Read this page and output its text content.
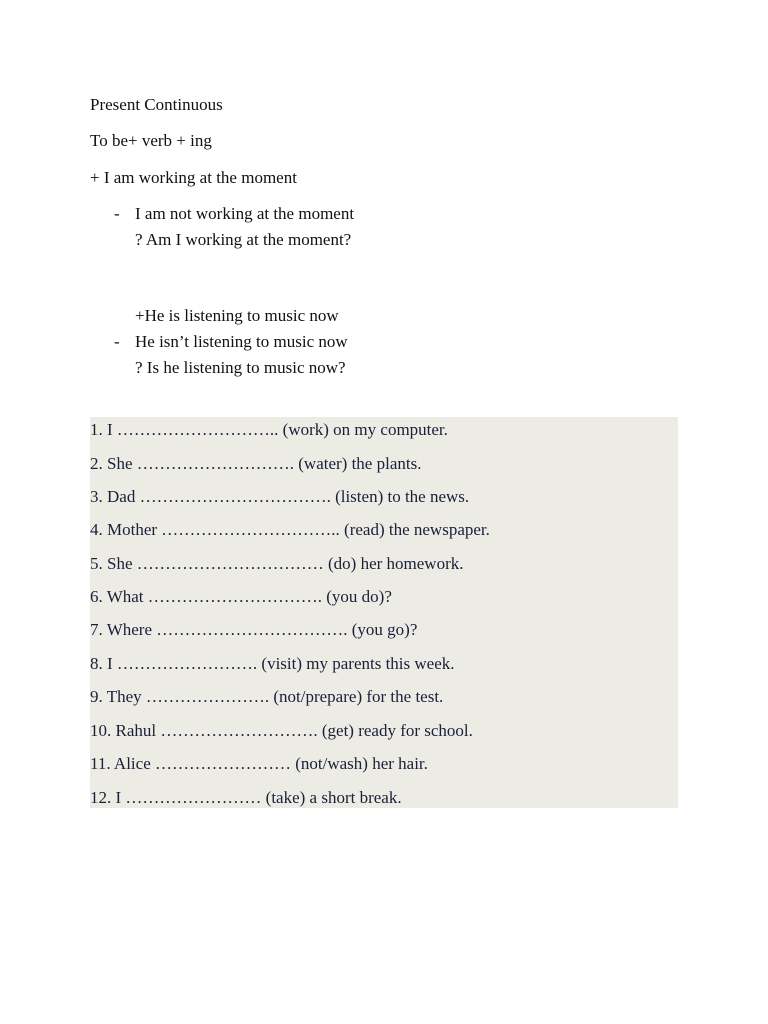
Present Continuous
To be+ verb + ing
+ I am working at the moment
- I am not working at the moment
? Am I working at the moment?
+He is listening to music now
- He isn’t listening to music now
? Is he listening to music now?
1. I ……………………….. (work) on my computer.
2. She ………………………. (water) the plants.
3. Dad ……………………………. (listen) to the news.
4. Mother ………………………….. (read) the newspaper.
5. She …………………………… (do) her homework.
6. What …………………………. (you do)?
7. Where ……………………………. (you go)?
8. I ……………………. (visit) my parents this week.
9. They …………………. (not/prepare) for the test.
10. Rahul ………………………. (get) ready for school.
11. Alice …………………… (not/wash) her hair.
12. I …………………… (take) a short break.
